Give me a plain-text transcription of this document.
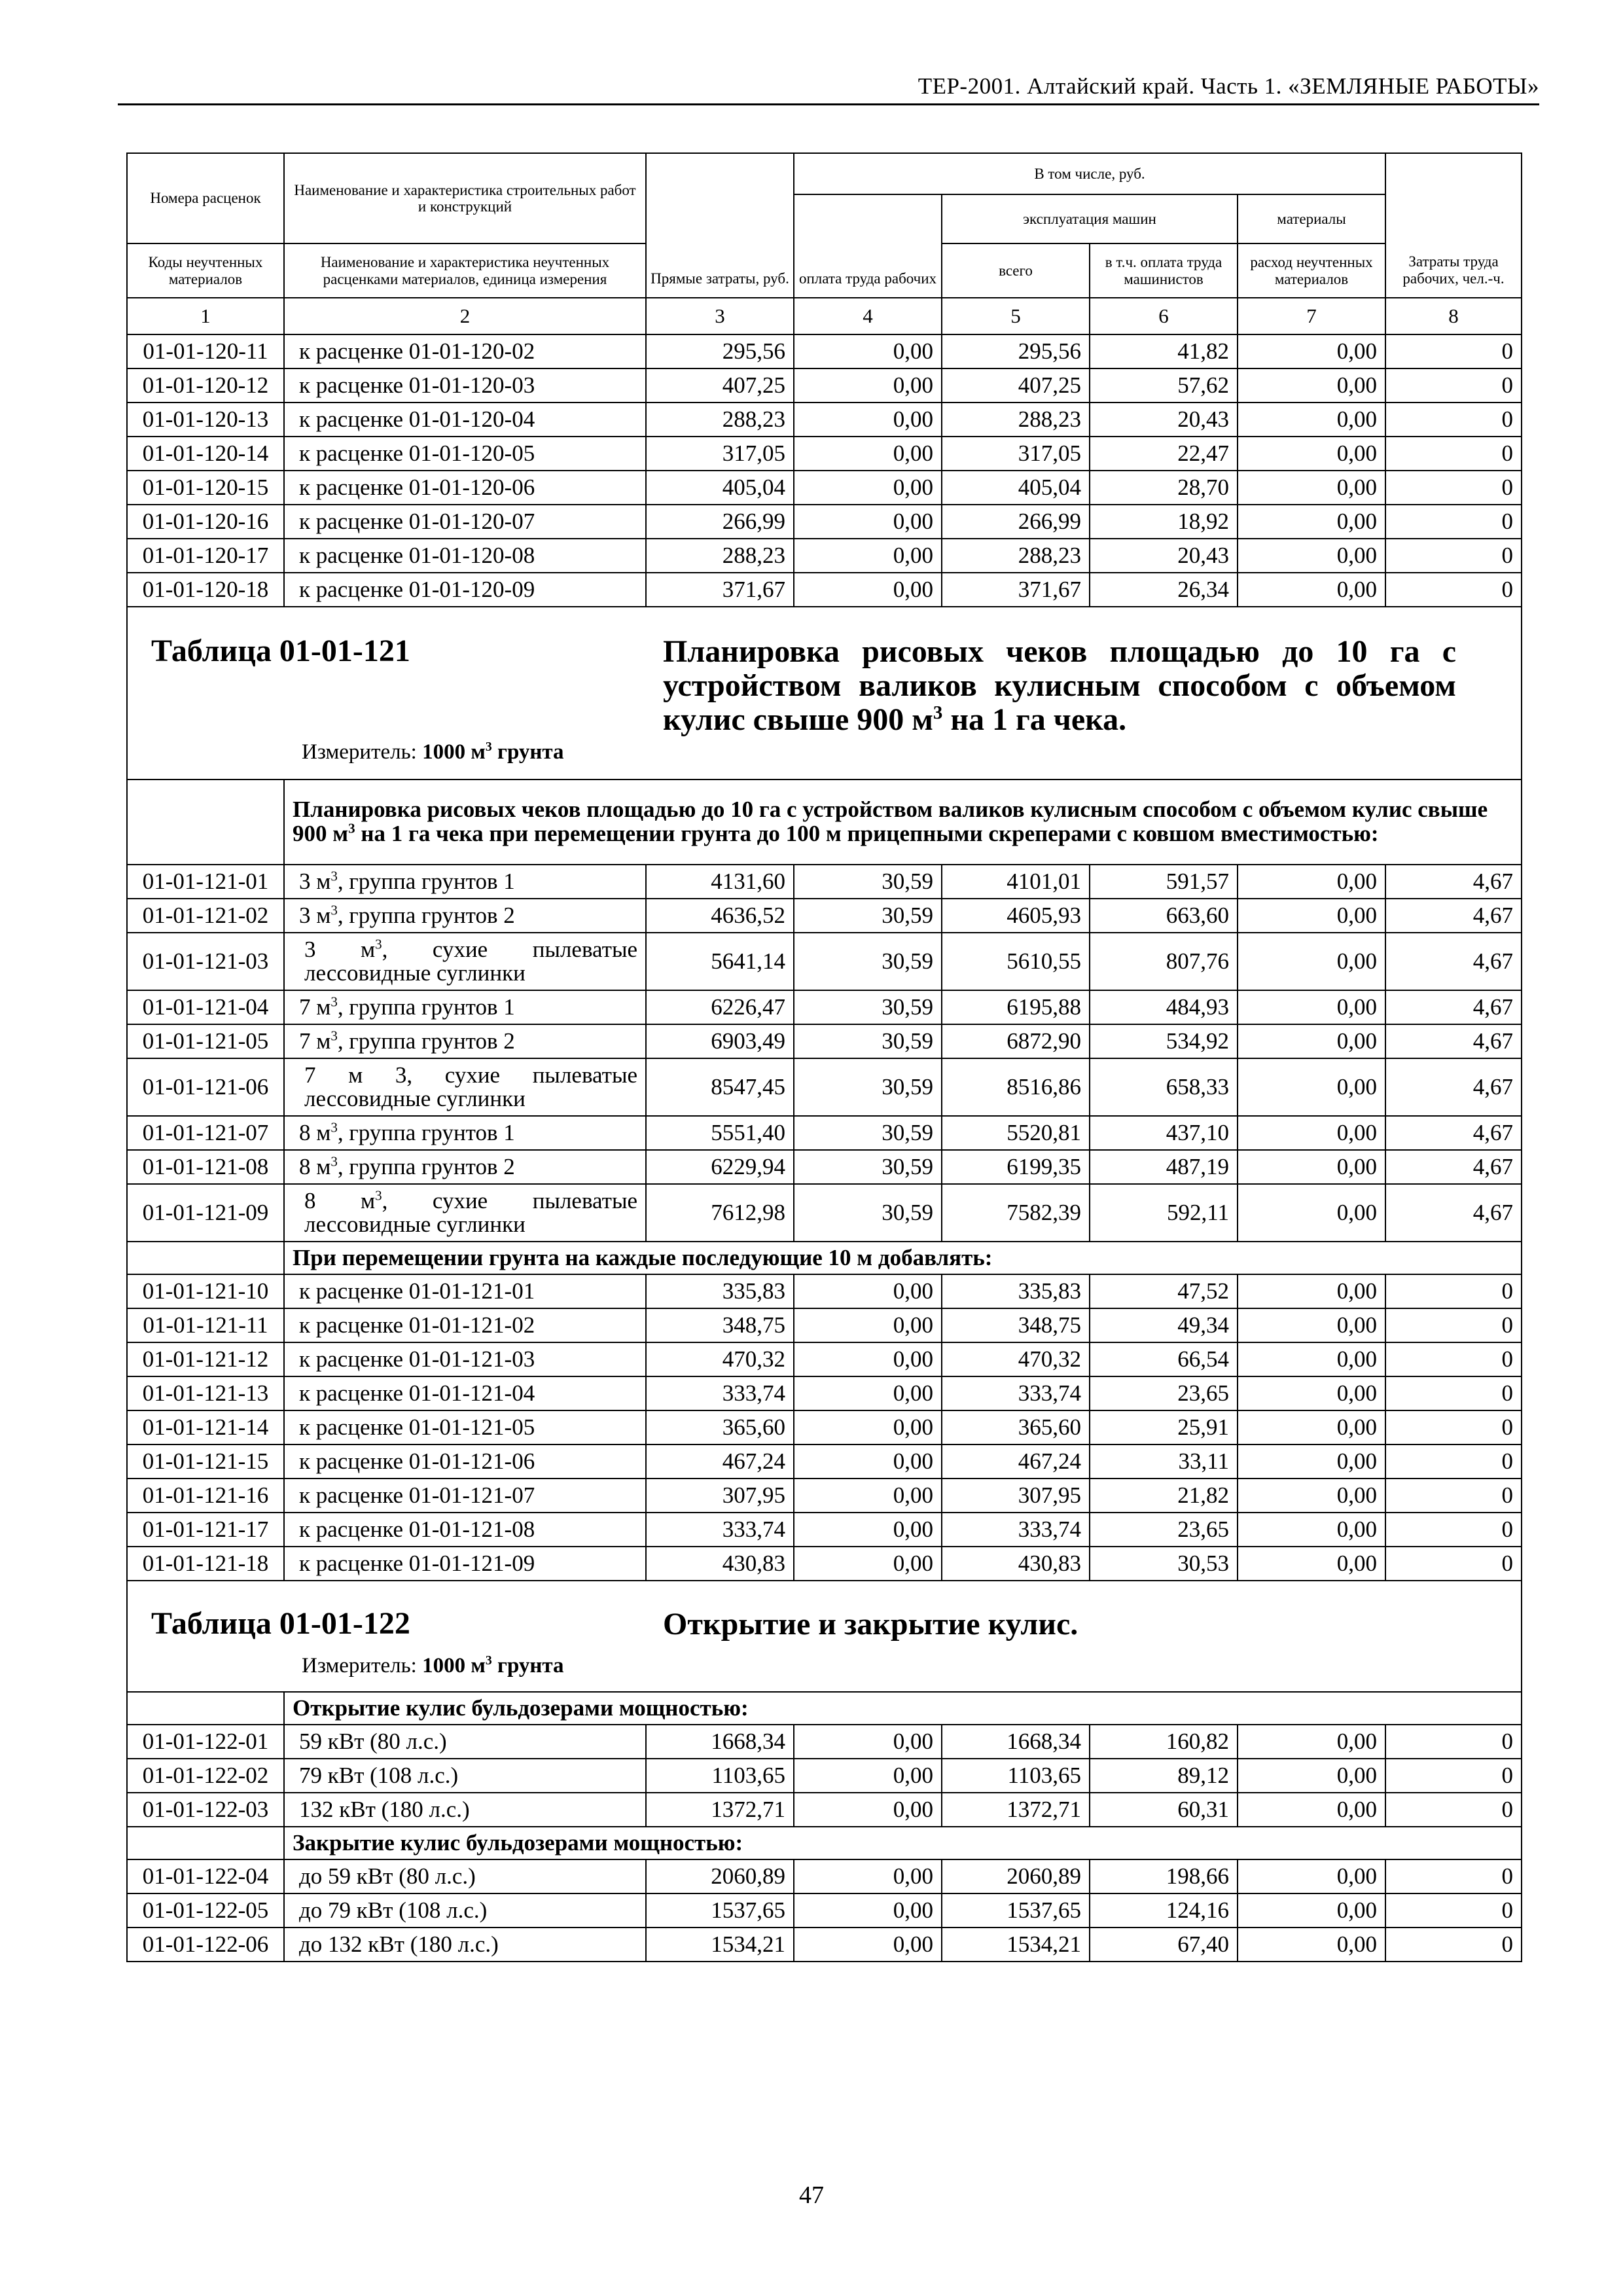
ТЕР-2001. Алтайский край. Часть 1. «ЗЕМЛЯНЫЕ РАБОТЫ»
Номера расценок	Наименование и характеристика строительных работ и конструкций	Прямые затраты, руб.	В том числе, руб.				Затраты труда рабочих, чел.-ч.
			оплата труда рабочих	эксплуатация машин		материалы	
Коды неучтенных материалов	Наименование и характеристика неучтенных расценками материалов, единица измерения			всего	в т.ч. оплата труда машинистов	расход неучтенных материалов	
1	2	3	4	5	6	7	8
01-01-120-11	к расценке 01-01-120-02	295,56	0,00	295,56	41,82	0,00	0
01-01-120-12	к расценке 01-01-120-03	407,25	0,00	407,25	57,62	0,00	0
01-01-120-13	к расценке 01-01-120-04	288,23	0,00	288,23	20,43	0,00	0
01-01-120-14	к расценке 01-01-120-05	317,05	0,00	317,05	22,47	0,00	0
01-01-120-15	к расценке 01-01-120-06	405,04	0,00	405,04	28,70	0,00	0
01-01-120-16	к расценке 01-01-120-07	266,99	0,00	266,99	18,92	0,00	0
01-01-120-17	к расценке 01-01-120-08	288,23	0,00	288,23	20,43	0,00	0
01-01-120-18	к расценке 01-01-120-09	371,67	0,00	371,67	26,34	0,00	0

Таблица 01-01-121 Планировка рисовых чеков площадью до 10 га с устройством валиков кулисным способом с объемом кулис свыше 900 $м^3$ на 1 га чека.
Измеритель: 1000 $м^3$ грунта							

	Планировка рисовых чеков площадью до 10 га с устройством валиков кулисным способом с объемом кулис свыше 900 $м^3$ на 1 га чека при перемещении грунта до 100 м прицепными скреперами с ковшом вместимостью:						
01-01-121-01	3 $м^3$, группа грунтов 1	4131,60	30,59	4101,01	591,57	0,00	4,67
01-01-121-02	3 $м^3$, группа грунтов 2	4636,52	30,59	4605,93	663,60	0,00	4,67
01-01-121-03	3 $м^3$, сухие пылеватые лессовидные суглинки	5641,14	30,59	5610,55	807,76	0,00	4,67
01-01-121-04	7 $м^3$, группа грунтов 1	6226,47	30,59	6195,88	484,93	0,00	4,67
01-01-121-05	7 $м^3$, группа грунтов 2	6903,49	30,59	6872,90	534,92	0,00	4,67
01-01-121-06	7 м 3, сухие пылеватые лессовидные суглинки	8547,45	30,59	8516,86	658,33	0,00	4,67
01-01-121-07	8 $м^3$, группа грунтов 1	5551,40	30,59	5520,81	437,10	0,00	4,67
01-01-121-08	8 $м^3$, группа грунтов 2	6229,94	30,59	6199,35	487,19	0,00	4,67
01-01-121-09	8 $м^3$, сухие пылеватые лессовидные суглинки	7612,98	30,59	7582,39	592,11	0,00	4,67
	При перемещении грунта на каждые последующие 10 м добавлять:						
01-01-121-10	к расценке 01-01-121-01	335,83	0,00	335,83	47,52	0,00	0
01-01-121-11	к расценке 01-01-121-02	348,75	0,00	348,75	49,34	0,00	0
01-01-121-12	к расценке 01-01-121-03	470,32	0,00	470,32	66,54	0,00	0
01-01-121-13	к расценке 01-01-121-04	333,74	0,00	333,74	23,65	0,00	0
01-01-121-14	к расценке 01-01-121-05	365,60	0,00	365,60	25,91	0,00	0
01-01-121-15	к расценке 01-01-121-06	467,24	0,00	467,24	33,11	0,00	0
01-01-121-16	к расценке 01-01-121-07	307,95	0,00	307,95	21,82	0,00	0
01-01-121-17	к расценке 01-01-121-08	333,74	0,00	333,74	23,65	0,00	0
01-01-121-18	к расценке 01-01-121-09	430,83	0,00	430,83	30,53	0,00	0

Таблица 01-01-122 Открытие и закрытие кулис.
Измеритель: 1000 $м^3$ грунта							

	Открытие кулис бульдозерами мощностью:						
01-01-122-01	59 кВт (80 л.с.)	1668,34	0,00	1668,34	160,82	0,00	0
01-01-122-02	79 кВт (108 л.с.)	1103,65	0,00	1103,65	89,12	0,00	0
01-01-122-03	132 кВт (180 л.с.)	1372,71	0,00	1372,71	60,31	0,00	0
	Закрытие кулис бульдозерами мощностью:						
01-01-122-04	до 59 кВт (80 л.с.)	2060,89	0,00	2060,89	198,66	0,00	0
01-01-122-05	до 79 кВт (108 л.с.)	1537,65	0,00	1537,65	124,16	0,00	0
01-01-122-06	до 132 кВт (180 л.с.)	1534,21	0,00	1534,21	67,40	0,00	0
47
